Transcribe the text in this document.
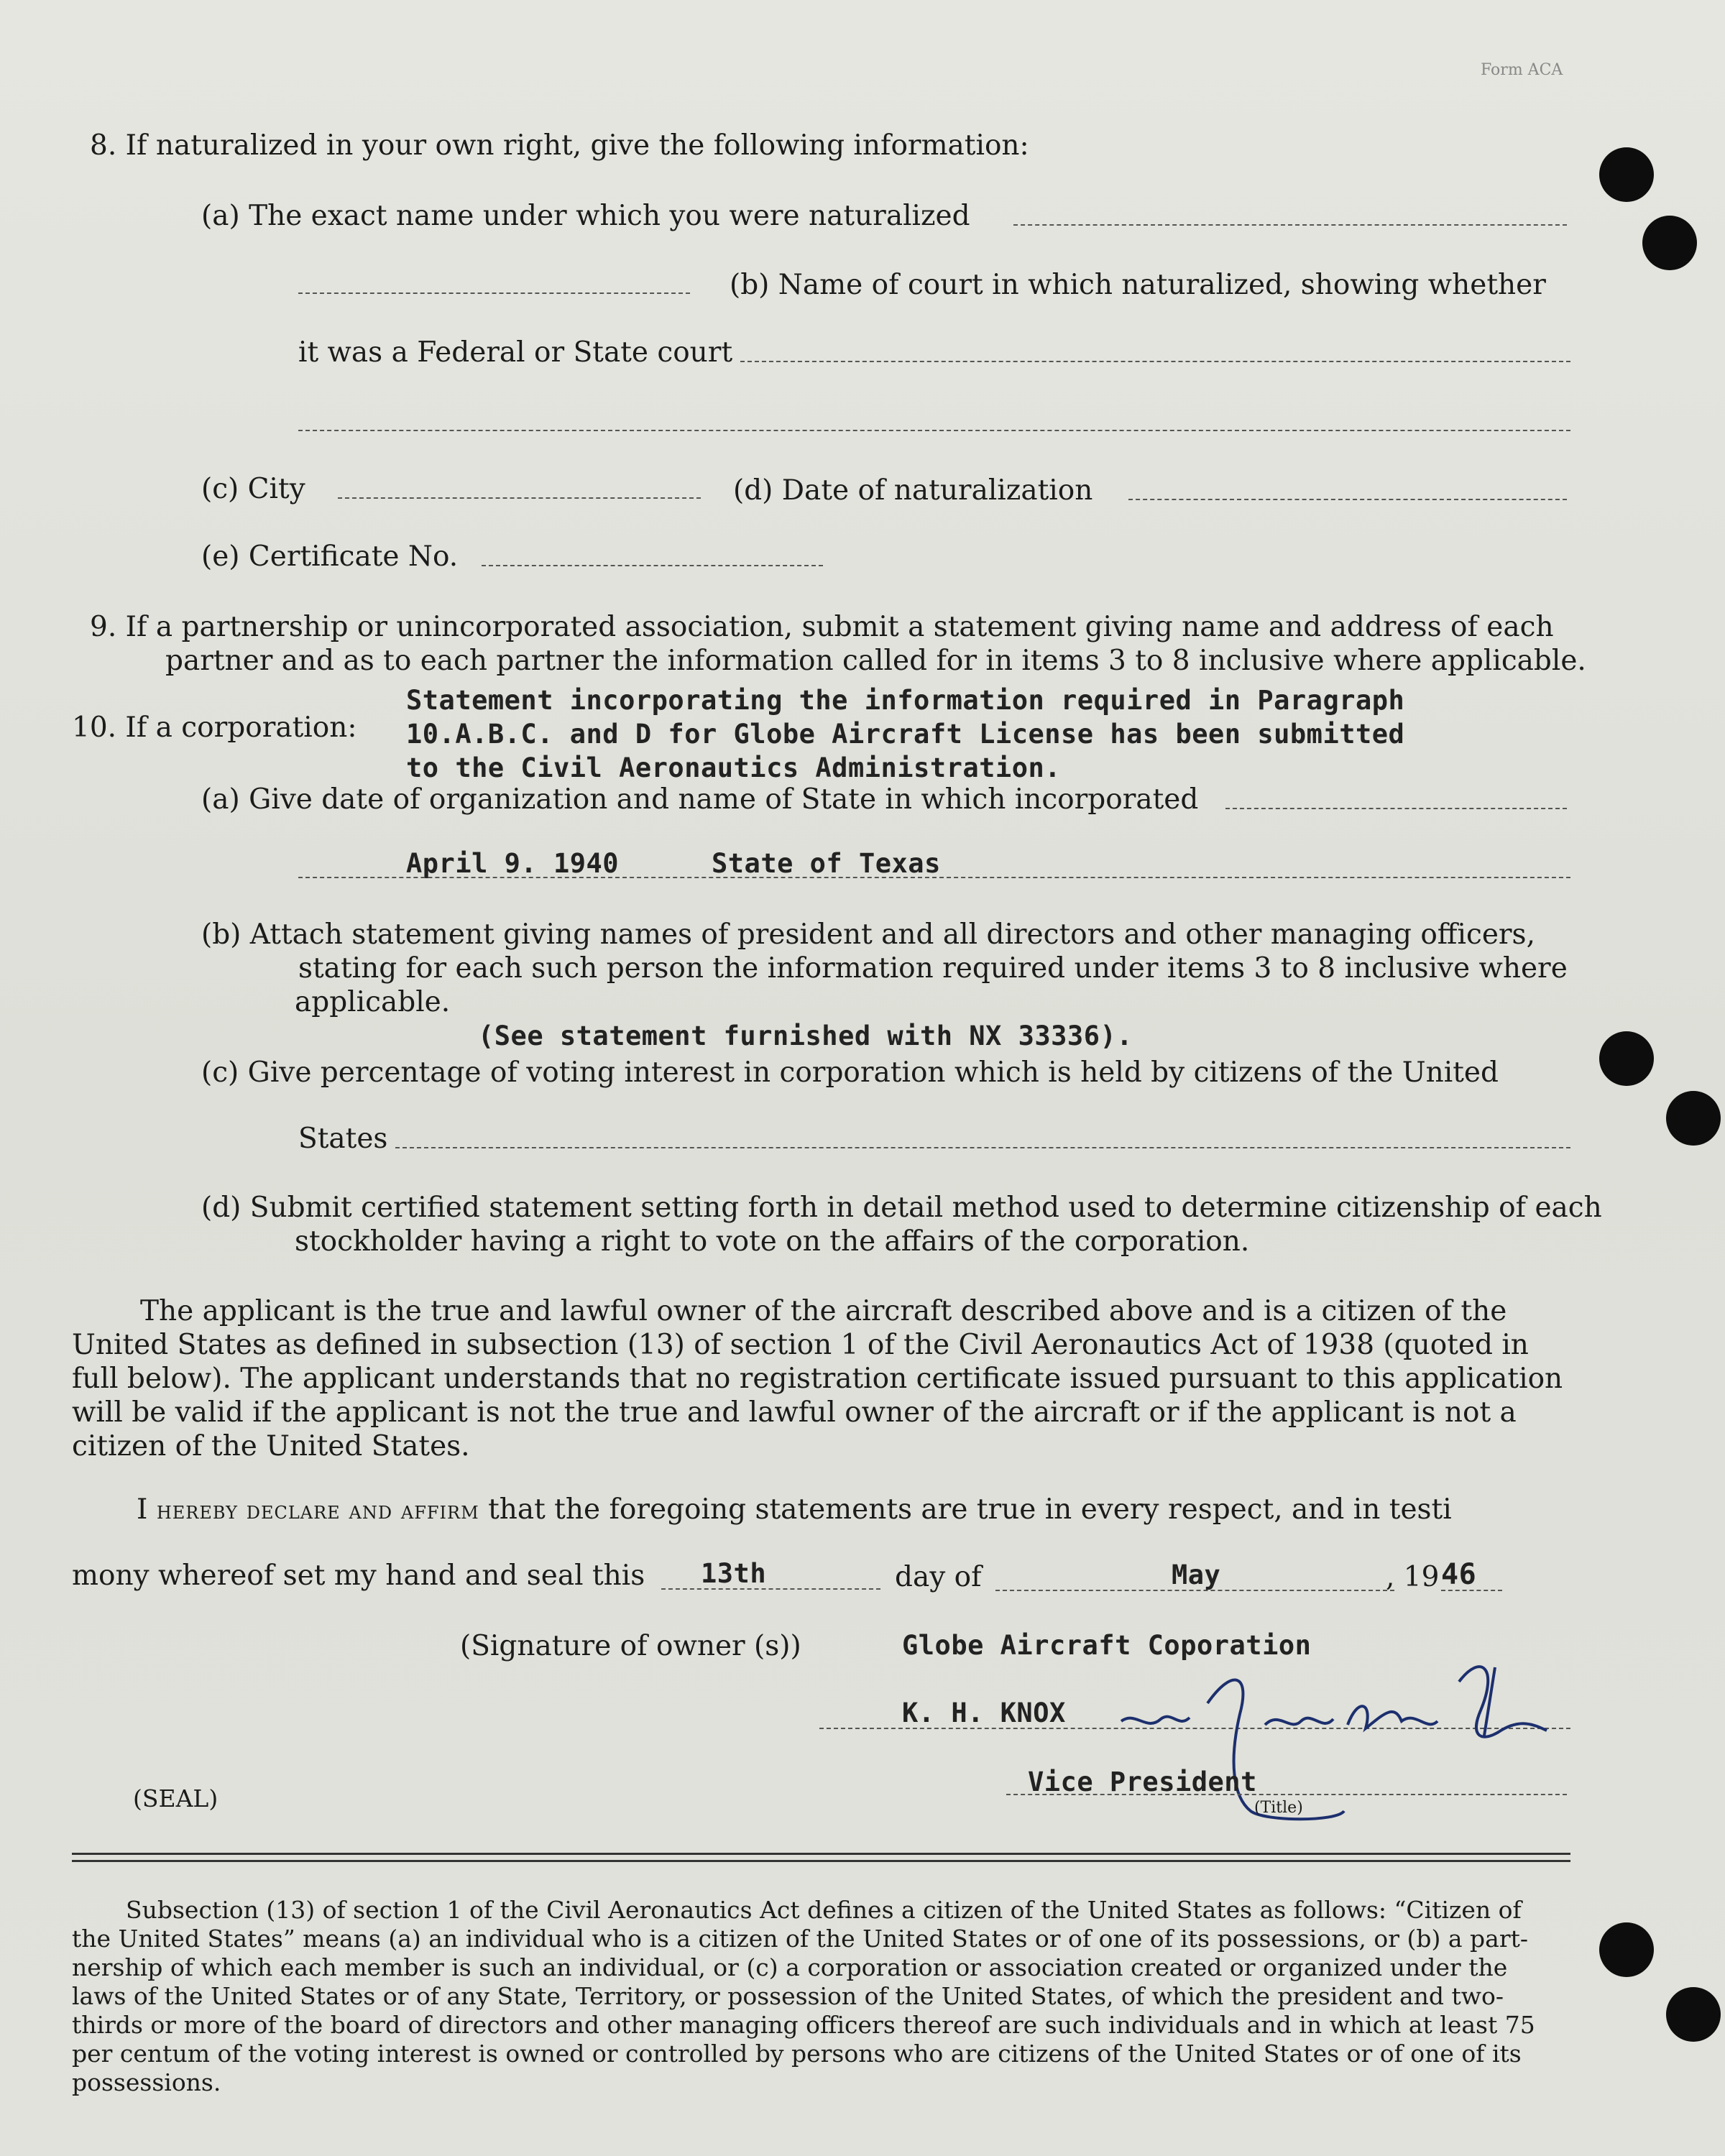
Form ACA
8. If naturalized in your own right, give the following information:
(a) The exact name under which you were naturalized
(b) Name of court in which naturalized, showing whether
it was a Federal or State court
(c) City	(d) Date of naturalization
(e) Certificate No.
9. If a partnership or unincorporated association, submit a statement giving name and address of each
partner and as to each partner the information called for in items 3 to 8 inclusive where applicable.
10. If a corporation:
Statement incorporating the information required in Paragraph
10.A.B.C. and D for Globe Aircraft License has been submitted
to the Civil Aeronautics Administration.
(a) Give date of organization and name of State in which incorporated
April 9. 1940	State of Texas
(b) Attach statement giving names of president and all directors and other managing officers,
stating for each such person the information required under items 3 to 8 inclusive where
applicable.
(See statement furnished with NX 33336).
(c) Give percentage of voting interest in corporation which is held by citizens of the United
States
(d) Submit certified statement setting forth in detail method used to determine citizenship of each
stockholder having a right to vote on the affairs of the corporation.
The applicant is the true and lawful owner of the aircraft described above and is a citizen of the
United States as defined in subsection (13) of section 1 of the Civil Aeronautics Act of 1938 (quoted in
full below). The applicant understands that no registration certificate issued pursuant to this application
will be valid if the applicant is not the true and lawful owner of the aircraft or if the applicant is not a
citizen of the United States.
I hereby declare and affirm that the foregoing statements are true in every respect, and in testi
mony whereof set my hand and seal this 13th	day of	May	, 19 46
(Signature of owner (s))	Globe Aircraft Coporation
K. H. KNOX
(SEAL)
Vice President
(Title)
Subsection (13) of section 1 of the Civil Aeronautics Act defines a citizen of the United States as follows: “Citizen of
the United States” means (a) an individual who is a citizen of the United States or of one of its possessions, or (b) a part-
nership of which each member is such an individual, or (c) a corporation or association created or organized under the
laws of the United States or of any State, Territory, or possession of the United States, of which the president and two-
thirds or more of the board of directors and other managing officers thereof are such individuals and in which at least 75
per centum of the voting interest is owned or controlled by persons who are citizens of the United States or of one of its
possessions.
